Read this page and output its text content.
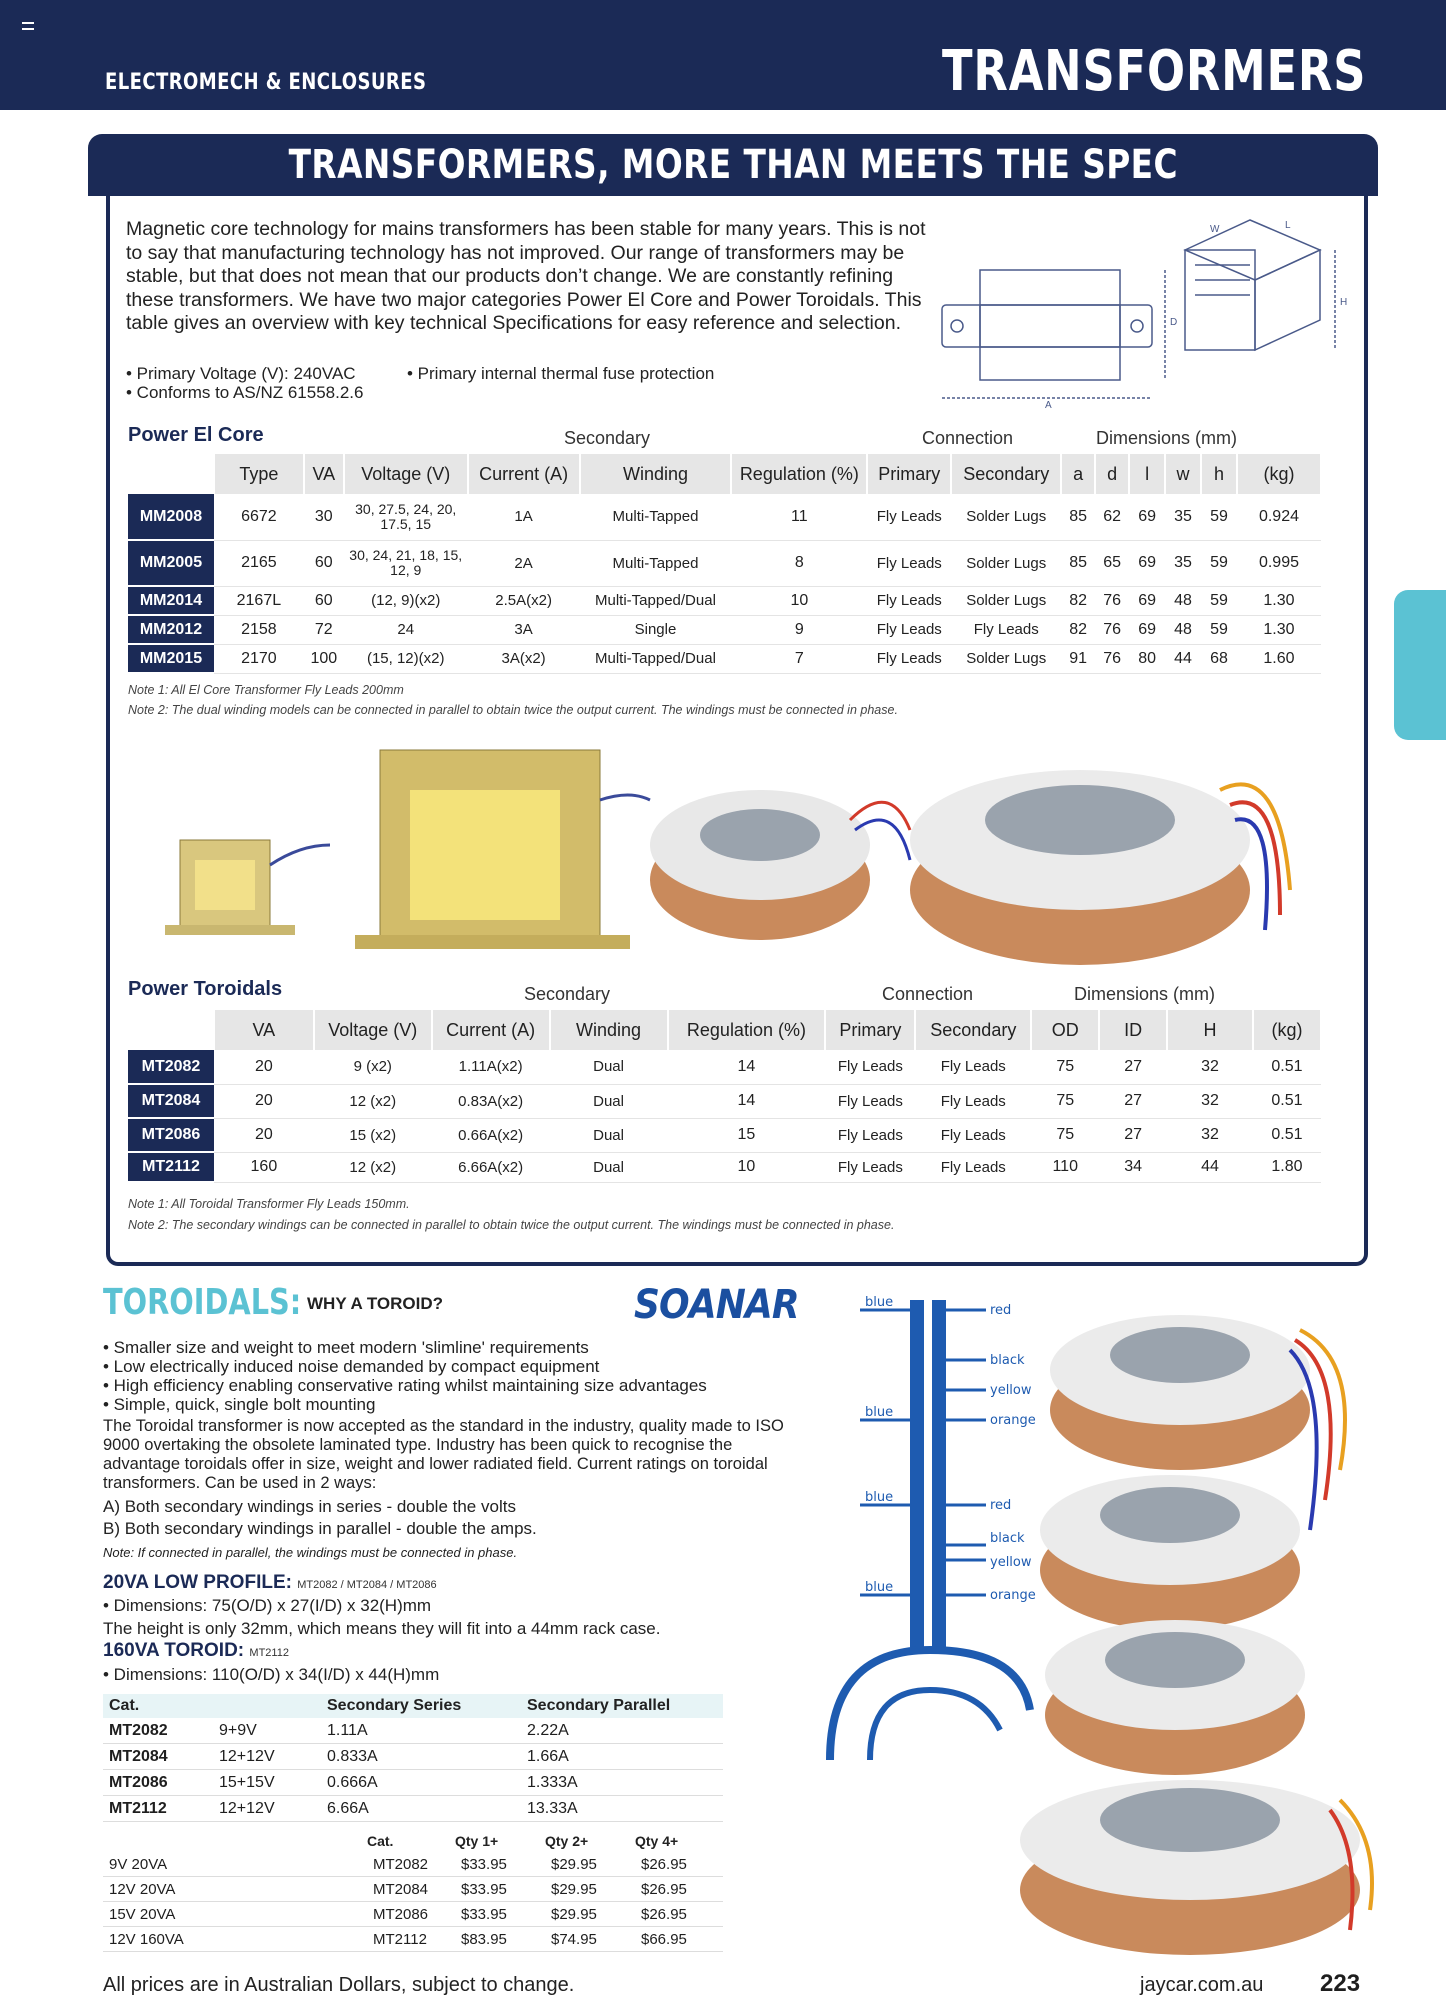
ELECTROMECH & ENCLOSURES	TRANSFORMERS
TRANSFORMERS, MORE THAN MEETS THE SPEC
Magnetic core technology for mains transformers has been stable for many years. This is not to say that manufacturing technology has not improved. Our range of transformers may be stable, but that does not mean that our products don’t change. We are constantly refining these transformers. We have two major categories Power El Core and Power Toroidals. This table gives an overview with key technical Specifications for easy reference and selection.
• Primary Voltage (V): 240VAC	• Primary internal thermal fuse protection
• Conforms to AS/NZ 61558.2.6
A
D
H
W	L
Power El Core	Secondary	Connection	Dimensions (mm)
	Type	VA	Voltage (V)	Current (A)	Winding	Regulation (%)	Primary	Secondary	a	d	l	w	h	(kg)
MM2008	6672	30	30, 27.5, 24, 20, 17.5, 15	1A	Multi-Tapped	11	Fly Leads	Solder Lugs	85	62	69	35	59	0.924
MM2005	2165	60	30, 24, 21, 18, 15, 12, 9	2A	Multi-Tapped	8	Fly Leads	Solder Lugs	85	65	69	35	59	0.995
MM2014	2167L	60	(12, 9)(x2)	2.5A(x2)	Multi-Tapped/Dual	10	Fly Leads	Solder Lugs	82	76	69	48	59	1.30
MM2012	2158	72	24	3A	Single	9	Fly Leads	Fly Leads	82	76	69	48	59	1.30
MM2015	2170	100	(15, 12)(x2)	3A(x2)	Multi-Tapped/Dual	7	Fly Leads	Solder Lugs	91	76	80	44	68	1.60
Note 1: All El Core Transformer Fly Leads 200mm
Note 2: The dual winding models can be connected in parallel to obtain twice the output current. The windings must be connected in phase.
Power Toroidals	Secondary	Connection	Dimensions (mm)
	VA	Voltage (V)	Current (A)	Winding	Regulation (%)	Primary	Secondary	OD	ID	H	(kg)
MT2082	20	9 (x2)	1.11A(x2)	Dual	14	Fly Leads	Fly Leads	75	27	32	0.51
MT2084	20	12 (x2)	0.83A(x2)	Dual	14	Fly Leads	Fly Leads	75	27	32	0.51
MT2086	20	15 (x2)	0.66A(x2)	Dual	15	Fly Leads	Fly Leads	75	27	32	0.51
MT2112	160	12 (x2)	6.66A(x2)	Dual	10	Fly Leads	Fly Leads	110	34	44	1.80
Note 1: All Toroidal Transformer Fly Leads 150mm.
Note 2: The secondary windings can be connected in parallel to obtain twice the output current. The windings must be connected in phase.
TOROIDALS: WHY A TOROID?	SOANAR
• Smaller size and weight to meet modern 'slimline' requirements
• Low electrically induced noise demanded by compact equipment
• High efficiency enabling conservative rating whilst maintaining size advantages
• Simple, quick, single bolt mounting
The Toroidal transformer is now accepted as the standard in the industry, quality made to ISO 9000 overtaking the obsolete laminated type. Industry has been quick to recognise the advantage toroidals offer in size, weight and lower radiated field. Current ratings on toroidal transformers. Can be used in 2 ways:
A) Both secondary windings in series - double the volts
B) Both secondary windings in parallel - double the amps.
Note: If connected in parallel, the windings must be connected in phase.
20VA LOW PROFILE: MT2082 / MT2084 / MT2086
• Dimensions: 75(O/D) x 27(I/D) x 32(H)mm
The height is only 32mm, which means they will fit into a 44mm rack case.
160VA TOROID: MT2112
• Dimensions: 110(O/D) x 34(I/D) x 44(H)mm
Cat.		Secondary Series	Secondary Parallel
MT2082	9+9V	1.11A	2.22A
MT2084	12+12V	0.833A	1.66A
MT2086	15+15V	0.666A	1.333A
MT2112	12+12V	6.66A	13.33A
	Cat.	Qty 1+	Qty 2+	Qty 4+
9V 20VA	MT2082	$33.95	$29.95	$26.95
12V 20VA	MT2084	$33.95	$29.95	$26.95
15V 20VA	MT2086	$33.95	$29.95	$26.95
12V 160VA	MT2112	$83.95	$74.95	$66.95
blue
red
black
yellow
blue
orange
blue
red
black
yellow
blue
orange
All prices are in Australian Dollars, subject to change.	jaycar.com.au 223
